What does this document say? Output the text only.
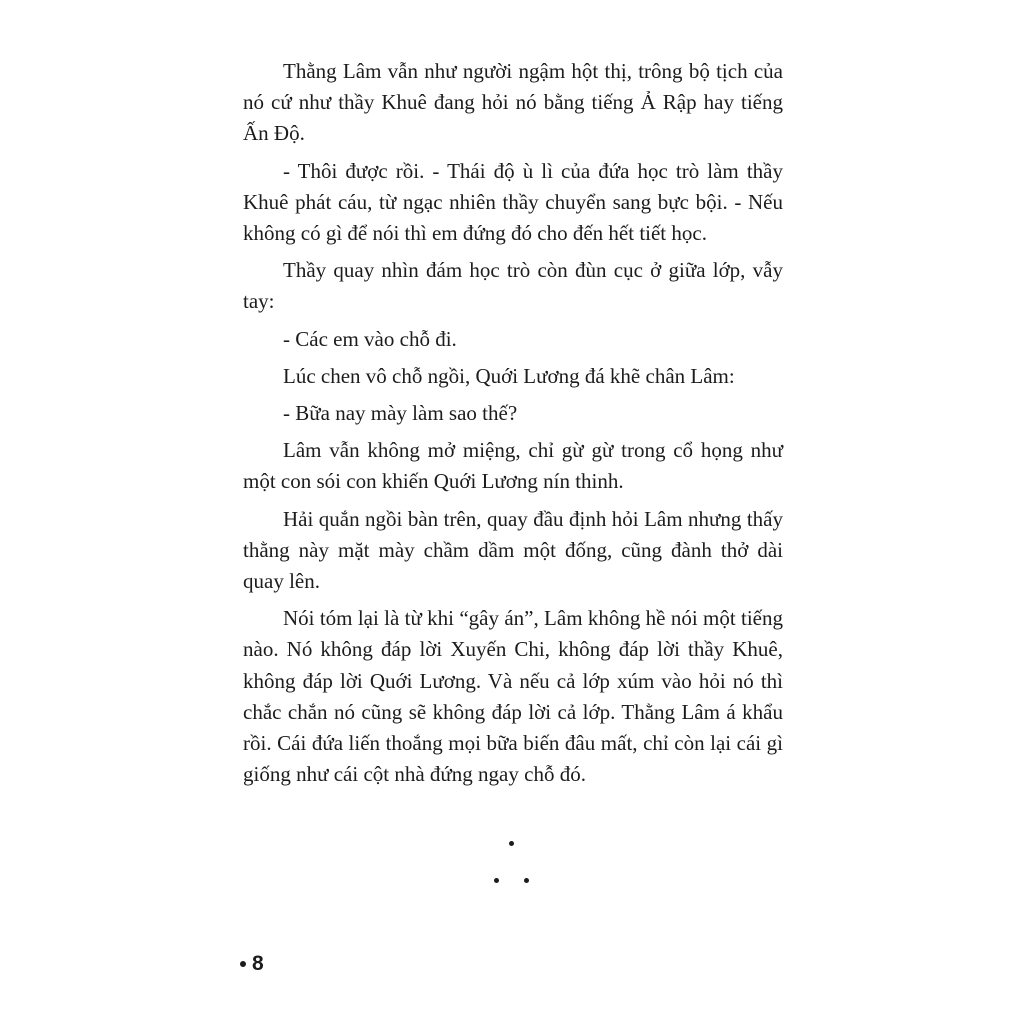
Thằng Lâm vẫn như người ngậm hột thị, trông bộ tịch của nó cứ như thầy Khuê đang hỏi nó bằng tiếng Ả Rập hay tiếng Ấn Độ.

- Thôi được rồi. - Thái độ ù lì của đứa học trò làm thầy Khuê phát cáu, từ ngạc nhiên thầy chuyển sang bực bội. - Nếu không có gì để nói thì em đứng đó cho đến hết tiết học.

Thầy quay nhìn đám học trò còn đùn cục ở giữa lớp, vẫy tay:

- Các em vào chỗ đi.

Lúc chen vô chỗ ngồi, Quới Lương đá khẽ chân Lâm:

- Bữa nay mày làm sao thế?

Lâm vẫn không mở miệng, chỉ gừ gừ trong cổ họng như một con sói con khiến Quới Lương nín thinh.

Hải quắn ngồi bàn trên, quay đầu định hỏi Lâm nhưng thấy thằng này mặt mày chầm dầm một đống, cũng đành thở dài quay lên.

Nói tóm lại là từ khi “gây án”, Lâm không hề nói một tiếng nào. Nó không đáp lời Xuyến Chi, không đáp lời thầy Khuê, không đáp lời Quới Lương. Và nếu cả lớp xúm vào hỏi nó thì chắc chắn nó cũng sẽ không đáp lời cả lớp. Thằng Lâm á khẩu rồi. Cái đứa liến thoắng mọi bữa biến đâu mất, chỉ còn lại cái gì giống như cái cột nhà đứng ngay chỗ đó.

8
